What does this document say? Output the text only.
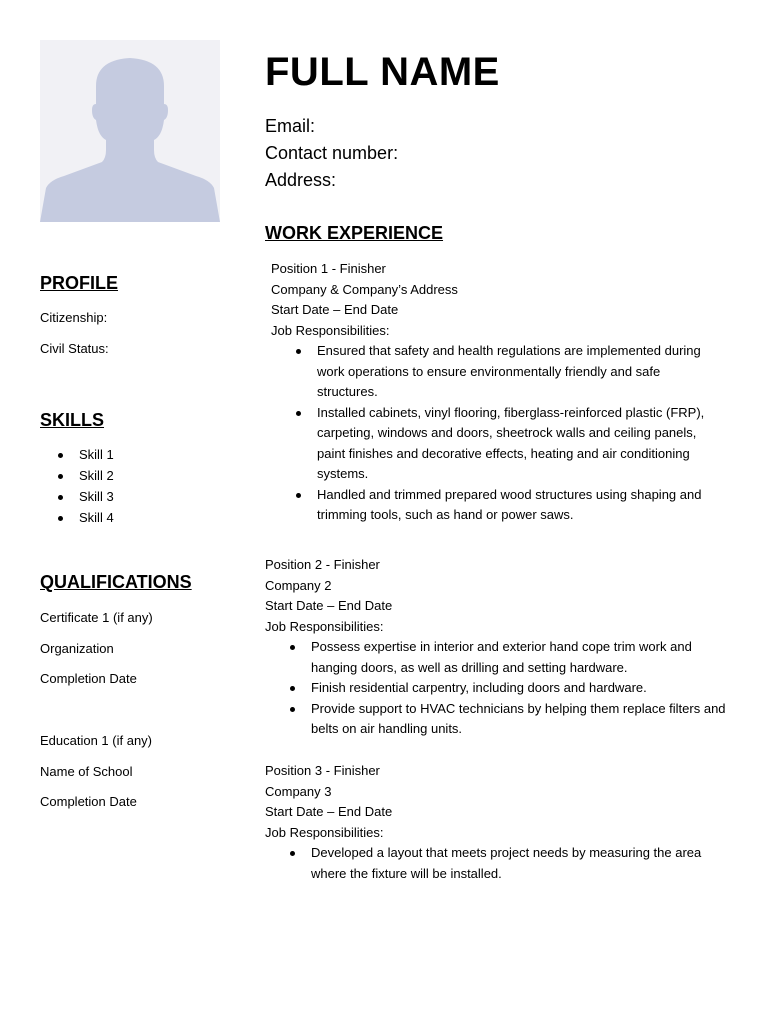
PROFILE
Citizenship:
Civil Status:
SKILLS
Skill 1
Skill 2
Skill 3
Skill 4
QUALIFICATIONS
Certificate 1 (if any)
Organization
Completion Date
Education 1 (if any)
Name of School
Completion Date
FULL NAME
Email:
Contact number:
Address:
WORK EXPERIENCE
Position 1 - Finisher
Company & Company’s Address
Start Date – End Date
Job Responsibilities:
Ensured that safety and health regulations are implemented during work operations to ensure environmentally friendly and safe structures.
Installed cabinets, vinyl flooring, fiberglass-reinforced plastic (FRP), carpeting, windows and doors, sheetrock walls and ceiling panels, paint finishes and decorative effects, heating and air conditioning systems.
Handled and trimmed prepared wood structures using shaping and trimming tools, such as hand or power saws.
Position 2 - Finisher
Company 2
Start Date – End Date
Job Responsibilities:
Possess expertise in interior and exterior hand cope trim work and hanging doors, as well as drilling and setting hardware.
Finish residential carpentry, including doors and hardware.
Provide support to HVAC technicians by helping them replace filters and belts on air handling units.
Position 3 - Finisher
Company 3
Start Date – End Date
Job Responsibilities:
Developed a layout that meets project needs by measuring the area where the fixture will be installed.
